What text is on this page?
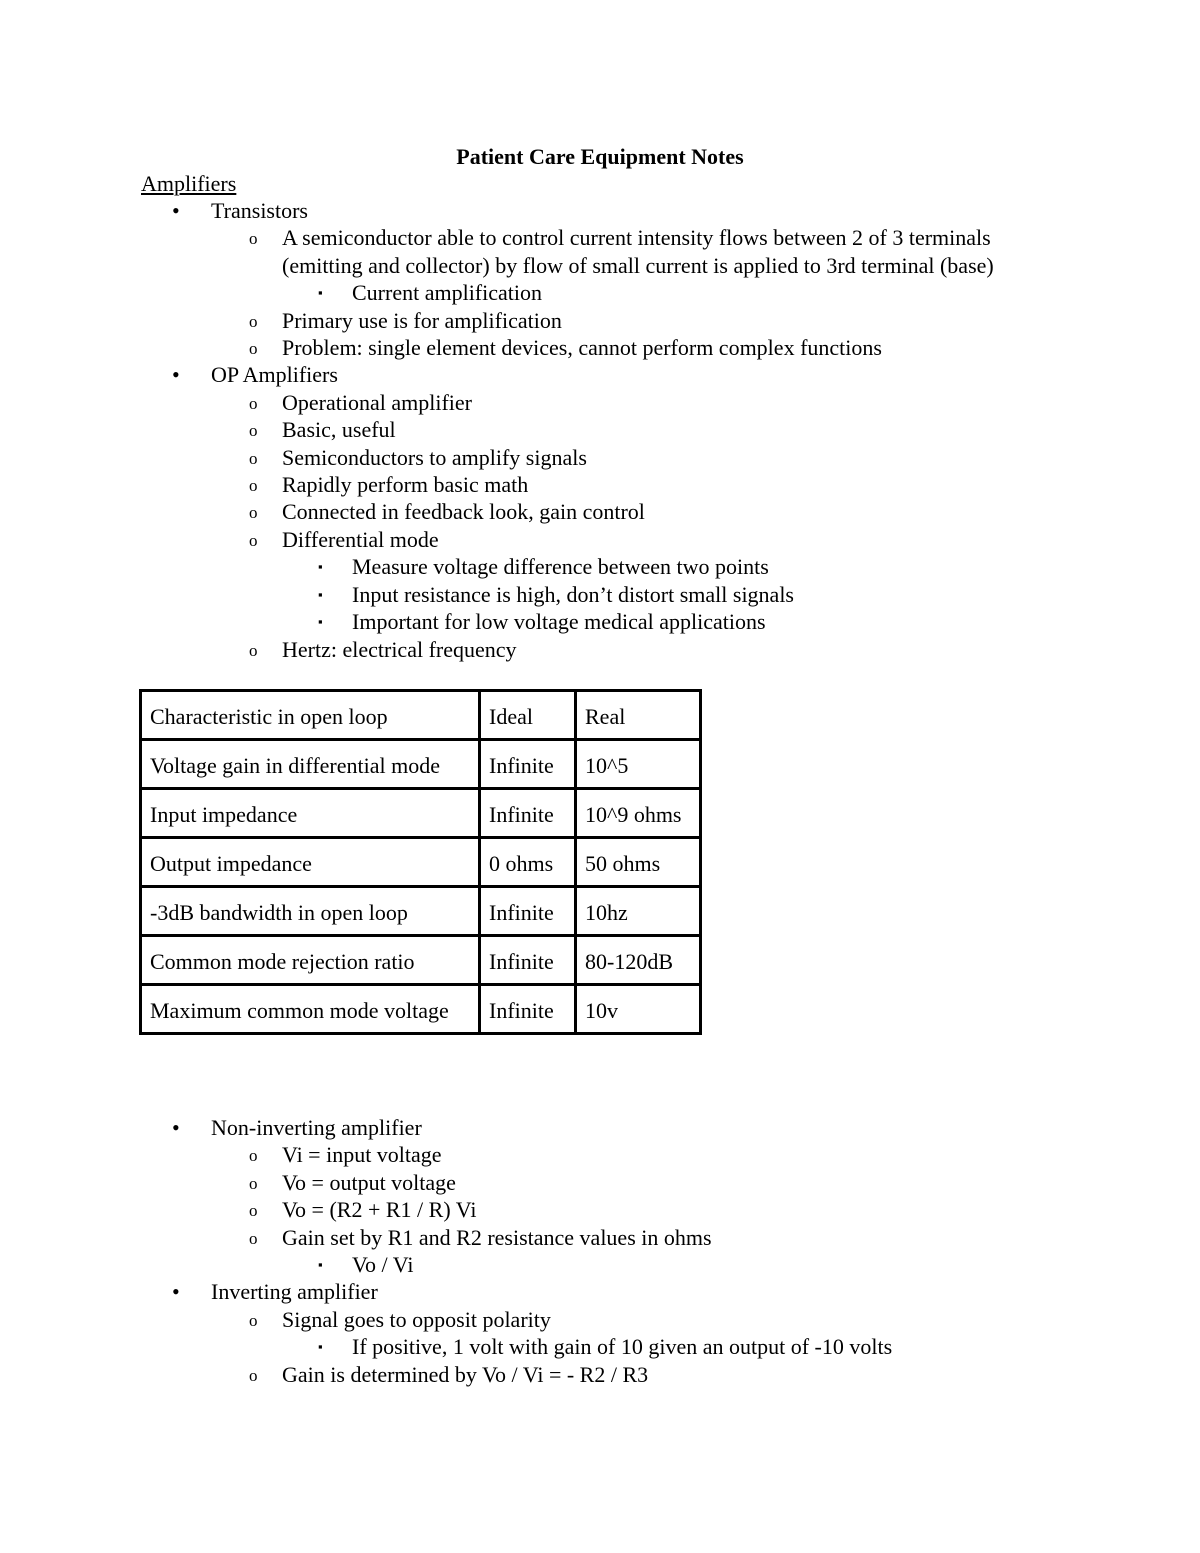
Patient Care Equipment Notes
Amplifiers
• Transistors
o A semiconductor able to control current intensity flows between 2 of 3 terminals (emitting and collector) by flow of small current is applied to 3rd terminal (base)
▪ Current amplification
o Primary use is for amplification
o Problem: single element devices, cannot perform complex functions
• OP Amplifiers
o Operational amplifier
o Basic, useful
o Semiconductors to amplify signals
o Rapidly perform basic math
o Connected in feedback look, gain control
o Differential mode
▪ Measure voltage difference between two points
▪ Input resistance is high, don’t distort small signals
▪ Important for low voltage medical applications
o Hertz: electrical frequency
Characteristic in open loop	Ideal	Real
Voltage gain in differential mode	Infinite	10^5
Input impedance	Infinite	10^9 ohms
Output impedance	0 ohms	50 ohms
-3dB bandwidth in open loop	Infinite	10hz
Common mode rejection ratio	Infinite	80-120dB
Maximum common mode voltage	Infinite	10v
• Non-inverting amplifier
o Vi = input voltage
o Vo = output voltage
o Vo = (R2 + R1 / R) Vi
o Gain set by R1 and R2 resistance values in ohms
▪ Vo / Vi
• Inverting amplifier
o Signal goes to opposit polarity
▪ If positive, 1 volt with gain of 10 given an output of -10 volts
o Gain is determined by Vo / Vi = - R2 / R3
